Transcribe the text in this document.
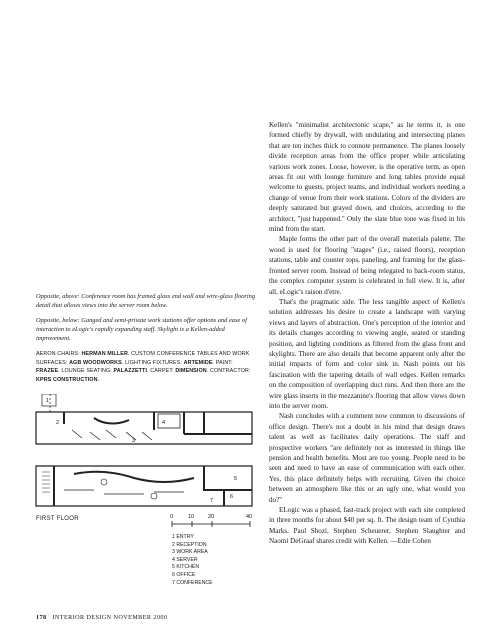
Kellen's "minimalist architectonic scape," as he terms it, is one formed chiefly by drywall, with undulating and intersecting planes that are ten inches thick to connote permanence. The planes loosely divide reception areas from the office proper while articulating various work zones. Loose, however, is the operative term, as open areas fit out with lounge furniture and long tables provide equal welcome to guests, project teams, and individual workers needing a change of venue from their work stations. Colors of the dividers are deeply saturated but grayed down, and choices, according to the architect, "just happened." Only the slate blue tone was fixed in his mind from the start.

Maple forms the other part of the overall materials palette. The wood is used for flooring "stages" (i.e., raised floors), reception stations, table and counter tops, paneling, and framing for the glass-fronted server room. Instead of being relegated to back-room status, the complex computer system is celebrated in full view. It is, after all, eLogic's raison d'etre.

That's the pragmatic side. The less tangible aspect of Kellen's solution addresses his desire to create a landscape with varying views and layers of abstraction. One's perception of the interior and its details changes according to viewing angle, seated or standing position, and lighting conditions as filtered from the glass front and skylights. There are also details that become apparent only after the initial impacts of form and color sink in. Nash points out his fascination with the tapering details of wall edges. Kellen remarks on the composition of overlapping duct runs. And then there are the wire glass inserts in the mezzanine's flooring that allow views down into the server room.

Nash concludes with a comment now common to discussions of office design. There's not a doubt in his mind that design draws talent as well as facilitates daily operations. The staff and prospective workers "are definitely not as interested in things like pension and health benefits. Most are too young. People need to be seen and need to have an ease of communication with each other. Yes, this place definitely helps with recruiting. Given the choice between an atmosphere like this or an ugly one, what would you do?"

ELogic was a phased, fast-track project with each site completed in three months for about $40 per sq. ft. The design team of Cynthia Marks, Paul Shozi, Stephen Scheuerer, Stephen Slaughter and Naomi DeGraaf shares credit with Kellen. —Edie Cohen

Opposite, above: Conference room has framed glass end wall and wire-glass flooring detail that allows views into the server room below.

Opposite, below: Ganged and semi-private work stations offer options and ease of interaction to eLogic's rapidly expanding staff. Skylight is a Kellen-added improvement.

AERON CHAIRS: HERMAN MILLER. CUSTOM CONFERENCE TABLES AND WORK SURFACES: AGB WOODWORKS. LIGHTING FIXTURES: ARTEMIDE. PAINT: FRAZEE. LOUNGE SEATING: PALAZZETTI. CARPET: DIMENSION. CONTRACTOR: KPRS CONSTRUCTION.
1
2
3
4
5
6
7
FIRST FLOOR	0	10	20	40
1 ENTRY
2 RECEPTION
3 WORK AREA
4 SERVER
5 KITCHEN
6 OFFICE
7 CONFERENCE
178 INTERIOR DESIGN NOVEMBER 2000
